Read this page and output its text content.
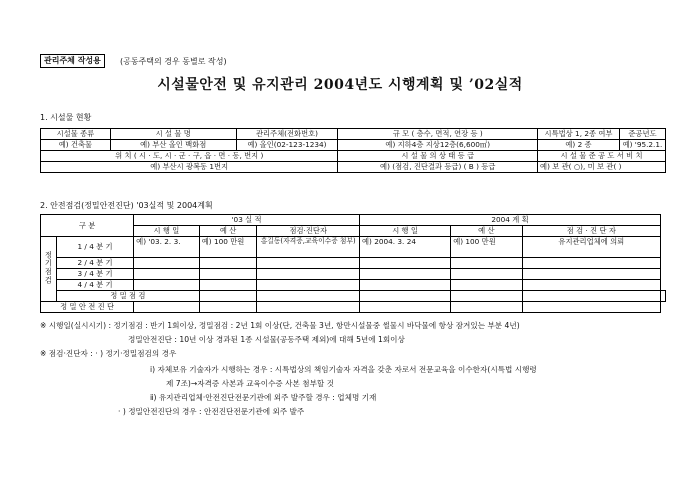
관리주체 작성용	(공동주택의 경우 동별로 작성)
시설물안전 및 유지관리 2004년도 시행계획 및 ’02실적
1. 시설물 현황
시설물 종류	시 설 물 명	관리주체(전화번호)	규 모 ( 층수, 면적, 연장 등 )	시특법상 1, 2종 여부	준공년도
예) 건축물	예) 부산 올인 백화점	예) 올인(02-123-1234)	예) 지하4층 지상12층(6,600㎡)	예) 2 종	예) '95.2.1.
위 치 ( 시 · 도, 시 · 군 · 구, 읍 · 면 · 동, 번지 )			시 설 물 의 상 태 등 급	시 설 물 준 공 도 서 비 치	
예) 부산시 광복동 1번지			예) (점검, 진단결과 등급) ( B ) 등급	예) 보 관( ○), 미 보 관( )	
2. 안전점검(정밀안전진단) '03실적 및 2004계획
구 분		'03 실 적			2004 계 획			
		시 행 일	예 산	점검·진단자	시 행 일	예 산	점 검 · 진 단 자	
정기점검	1 / 4 분 기	예) '03. 2. 3.	예) 100 만원	홍길동(자격증,교육이수증 첨부)	예) 2004. 3. 24	예) 100 만원	유지관리업체에 의뢰	
	2 / 4 분 기							
	3 / 4 분 기							
	4 / 4 분 기							
	정 밀 점 검							
정 밀 안 전 진 단								
※ 시행일(실시시기) : 정기점검 : 반기 1회이상, 정밀점검 : 2년 1회 이상(단, 건축물 3년, 항만시설물중 썰물시 바닥물에 항상 잠겨있는 부분 4년)
정밀안전진단 : 10년 이상 경과된 1종 시설물(공동주택 제외)에 대해 5년에 1회이상
※ 점검·진단자 : · ) 정기·정밀점검의 경우
ⅰ) 자체보유 기술자가 시행하는 경우 : 시특법상의 책임기술자 자격을 갖춘 자로서 전문교육을 이수한자(시특법 시행령
제 7조)→자격증 사본과 교육이수증 사본 첨부할 것
ⅱ) 유지관리업체·안전진단전문기관에 외주 발주할 경우 : 업체명 기재
· ) 정밀안전진단의 경우 : 안전진단전문기관에 외주 발주
